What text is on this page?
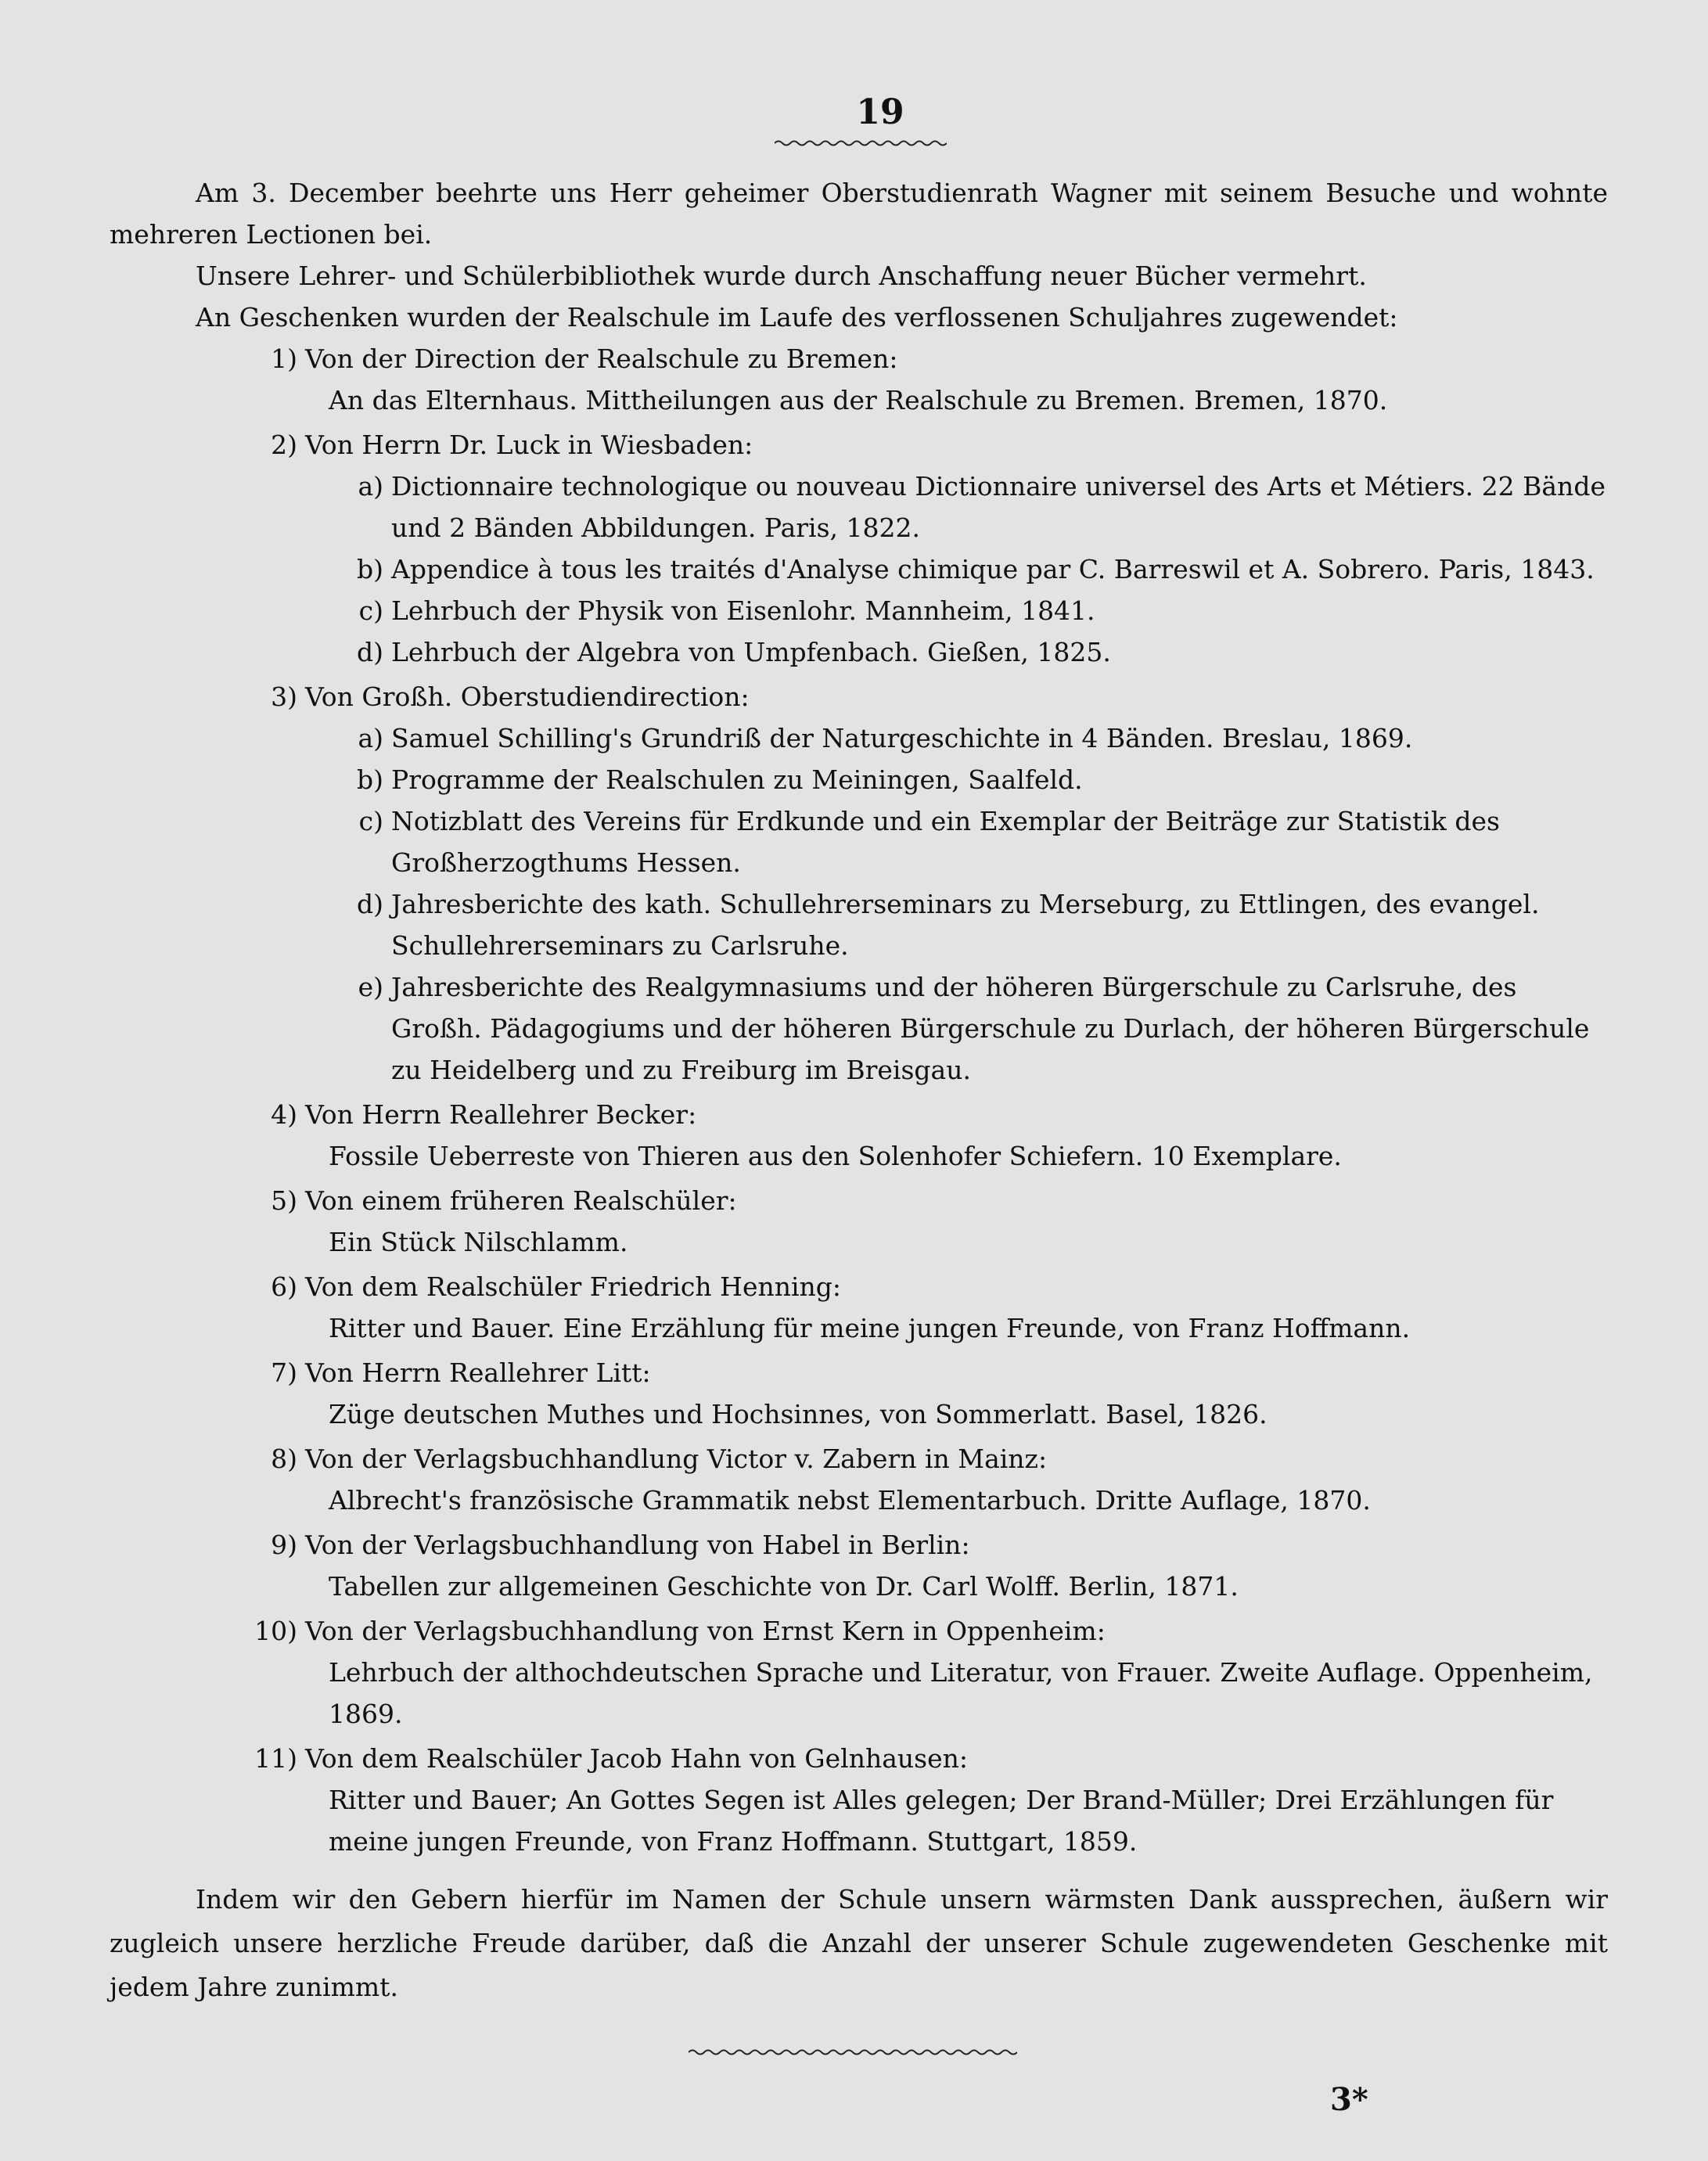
19

Am 3. December beehrte uns Herr geheimer Oberstudienrath Wagner mit seinem Besuche und wohnte mehreren Lectionen bei.

Unsere Lehrer- und Schülerbibliothek wurde durch Anschaffung neuer Bücher vermehrt.

An Geschenken wurden der Realschule im Laufe des verflossenen Schuljahres zugewendet:

1) Von der Direction der Realschule zu Bremen:
An das Elternhaus. Mittheilungen aus der Realschule zu Bremen. Bremen, 1870.
2) Von Herrn Dr. Luck in Wiesbaden:
a) Dictionnaire technologique ou nouveau Dictionnaire universel des Arts et Métiers. 22 Bände und 2 Bänden Abbildungen. Paris, 1822.
b) Appendice à tous les traités d'Analyse chimique par C. Barreswil et A. Sobrero. Paris, 1843.
c) Lehrbuch der Physik von Eisenlohr. Mannheim, 1841.
d) Lehrbuch der Algebra von Umpfenbach. Gießen, 1825.
3) Von Großh. Oberstudiendirection:
a) Samuel Schilling's Grundriß der Naturgeschichte in 4 Bänden. Breslau, 1869.
b) Programme der Realschulen zu Meiningen, Saalfeld.
c) Notizblatt des Vereins für Erdkunde und ein Exemplar der Beiträge zur Statistik des Großherzogthums Hessen.
d) Jahresberichte des kath. Schullehrerseminars zu Merseburg, zu Ettlingen, des evangel. Schullehrerseminars zu Carlsruhe.
e) Jahresberichte des Realgymnasiums und der höheren Bürgerschule zu Carlsruhe, des Großh. Pädagogiums und der höheren Bürgerschule zu Durlach, der höheren Bürgerschule zu Heidelberg und zu Freiburg im Breisgau.
4) Von Herrn Reallehrer Becker:
Fossile Ueberreste von Thieren aus den Solenhofer Schiefern. 10 Exemplare.
5) Von einem früheren Realschüler:
Ein Stück Nilschlamm.
6) Von dem Realschüler Friedrich Henning:
Ritter und Bauer. Eine Erzählung für meine jungen Freunde, von Franz Hoffmann.
7) Von Herrn Reallehrer Litt:
Züge deutschen Muthes und Hochsinnes, von Sommerlatt. Basel, 1826.
8) Von der Verlagsbuchhandlung Victor v. Zabern in Mainz:
Albrecht's französische Grammatik nebst Elementarbuch. Dritte Auflage, 1870.
9) Von der Verlagsbuchhandlung von Habel in Berlin:
Tabellen zur allgemeinen Geschichte von Dr. Carl Wolff. Berlin, 1871.
10) Von der Verlagsbuchhandlung von Ernst Kern in Oppenheim:
Lehrbuch der althochdeutschen Sprache und Literatur, von Frauer. Zweite Auflage. Oppenheim, 1869.
11) Von dem Realschüler Jacob Hahn von Gelnhausen:
Ritter und Bauer; An Gottes Segen ist Alles gelegen; Der Brand-Müller; Drei Erzählungen für meine jungen Freunde, von Franz Hoffmann. Stuttgart, 1859.

Indem wir den Gebern hierfür im Namen der Schule unsern wärmsten Dank aussprechen, äußern wir zugleich unsere herzliche Freude darüber, daß die Anzahl der unserer Schule zugewendeten Geschenke mit jedem Jahre zunimmt.

3*
